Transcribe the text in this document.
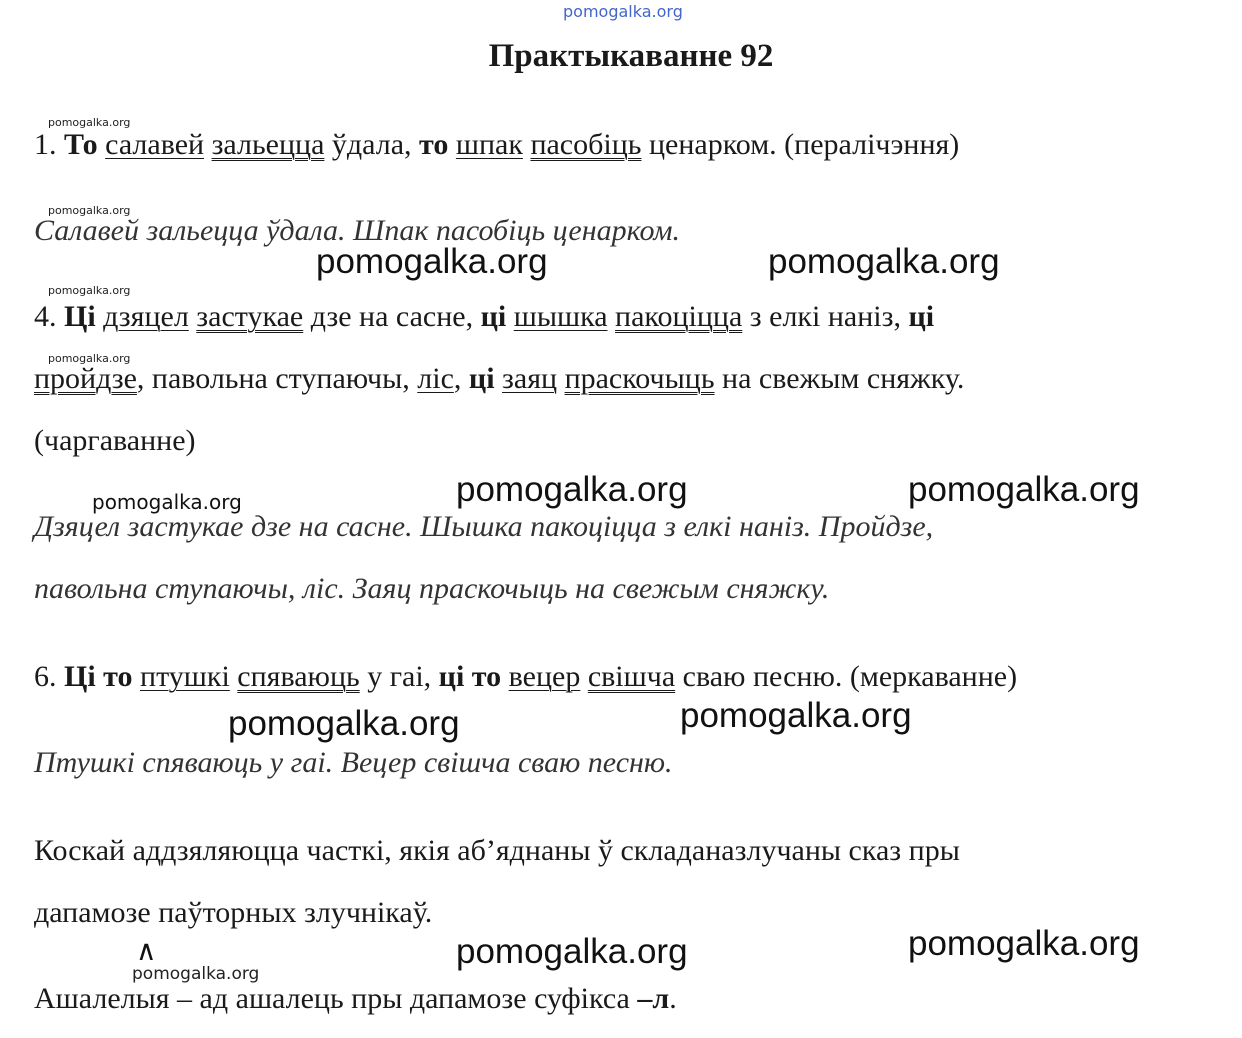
pomogalka.org
Практыкаванне 92
pomogalka.org
1. То салавей зальецца ўдала, то шпак пасобіць ценарком. (пералічэння)
pomogalka.org
Салавей зальецца ўдала. Шпак пасобіць ценарком.
pomogalka.org	pomogalka.org
pomogalka.org
4. Ці дзяцел застукае дзе на сасне, ці шышка пакоціцца з елкі наніз, ці
pomogalka.org
пройдзе, павольна ступаючы, ліс, ці заяц праскочыць на свежым сняжку.
(чаргаванне)
pomogalka.org	pomogalka.org	pomogalka.org
Дзяцел застукае дзе на сасне. Шышка пакоціцца з елкі наніз. Пройдзе,
павольна ступаючы, ліс. Заяц праскочыць на свежым сняжку.
6. Ці то птушкі спяваюць у гаі, ці то вецер свішча сваю песню. (меркаванне)
pomogalka.org	pomogalka.org
Птушкі спяваюць у гаі. Вецер свішча сваю песню.
Коскай аддзяляюцца часткі, якія аб’яднаны ў складаназлучаны сказ пры
дапамозе паўторных злучнікаў.
∧
pomogalka.org
pomogalka.org	pomogalka.org
Ашалелыя – ад ашалець пры дапамозе суфікса –л.
